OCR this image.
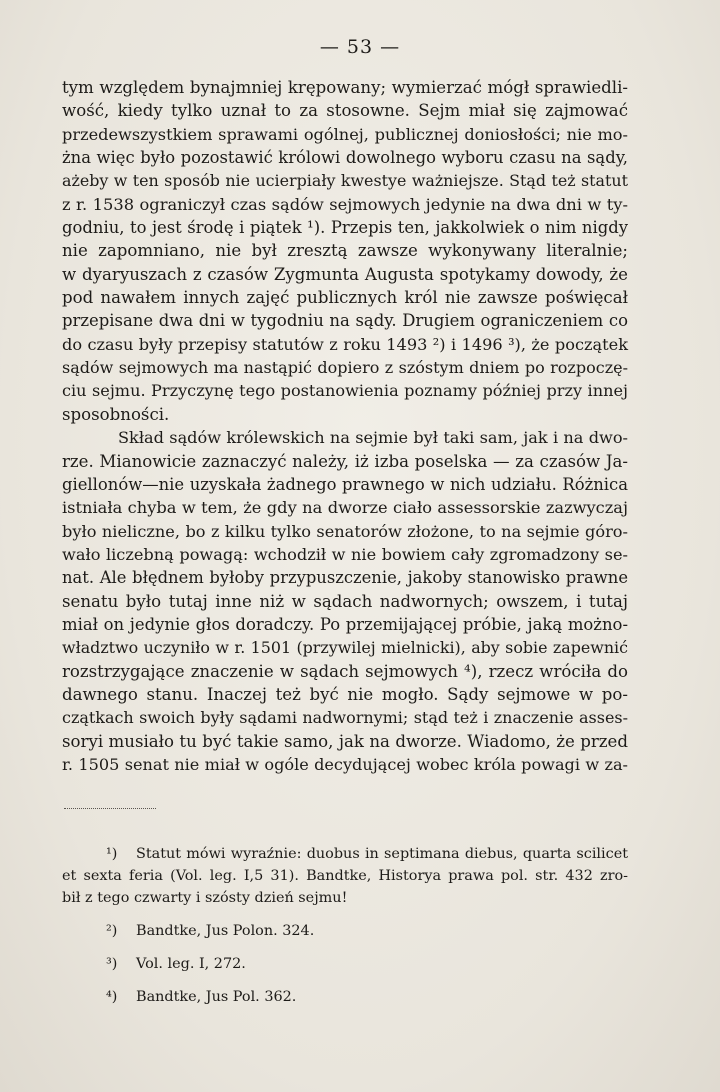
— 53 —
tym względem bynajmniej krępowany; wymierzać mógł sprawiedli-
wość, kiedy tylko uznał to za stosowne. Sejm miał się zajmować
przedewszystkiem sprawami ogólnej, publicznej doniosłości; nie mo-
żna więc było pozostawić królowi dowolnego wyboru czasu na sądy,
ażeby w ten sposób nie ucierpiały kwestye ważniejsze. Stąd też statut
z r. 1538 ograniczył czas sądów sejmowych jedynie na dwa dni w ty-
godniu, to jest środę i piątek ¹). Przepis ten, jakkolwiek o nim nigdy
nie zapomniano, nie był zresztą zawsze wykonywany literalnie;
w dyaryuszach z czasów Zygmunta Augusta spotykamy dowody, że
pod nawałem innych zajęć publicznych król nie zawsze poświęcał
przepisane dwa dni w tygodniu na sądy. Drugiem ograniczeniem co
do czasu były przepisy statutów z roku 1493 ²) i 1496 ³), że początek
sądów sejmowych ma nastąpić dopiero z szóstym dniem po rozpoczę-
ciu sejmu. Przyczynę tego postanowienia poznamy później przy innej
sposobności.
Skład sądów królewskich na sejmie był taki sam, jak i na dwo-
rze. Mianowicie zaznaczyć należy, iż izba poselska — za czasów Ja-
giellonów—nie uzyskała żadnego prawnego w nich udziału. Różnica
istniała chyba w tem, że gdy na dworze ciało assessorskie zazwyczaj
było nieliczne, bo z kilku tylko senatorów złożone, to na sejmie góro-
wało liczebną powagą: wchodził w nie bowiem cały zgromadzony se-
nat. Ale błędnem byłoby przypuszczenie, jakoby stanowisko prawne
senatu było tutaj inne niż w sądach nadwornych; owszem, i tutaj
miał on jedynie głos doradczy. Po przemijającej próbie, jaką możno-
władztwo uczyniło w r. 1501 (przywilej mielnicki), aby sobie zapewnić
rozstrzygające znaczenie w sądach sejmowych ⁴), rzecz wróciła do
dawnego stanu. Inaczej też być nie mogło. Sądy sejmowe w po-
czątkach swoich były sądami nadwornymi; stąd też i znaczenie asses-
soryi musiało tu być takie samo, jak na dworze. Wiadomo, że przed
r. 1505 senat nie miał w ogóle decydującej wobec króla powagi w za-
¹) Statut mówi wyraźnie: duobus in septimana diebus, quarta scilicet
et sexta feria (Vol. leg. I,5 31). Bandtke, Historya prawa pol. str. 432 zro-
bił z tego czwarty i szósty dzień sejmu!
²) Bandtke, Jus Polon. 324.
³) Vol. leg. I, 272.
⁴) Bandtke, Jus Pol. 362.
